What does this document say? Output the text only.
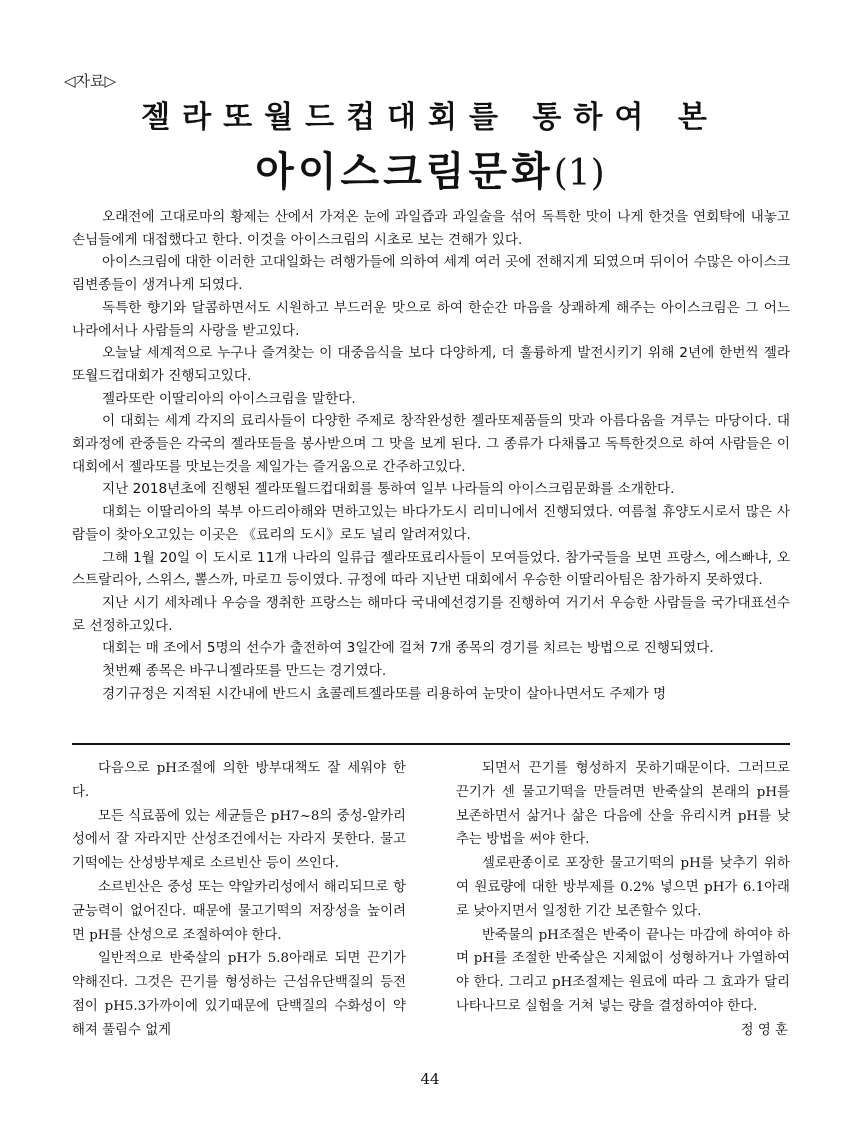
◁자료▷
젤라또월드컵대회를 통하여 본
아이스크림문화(1)

오래전에 고대로마의 황제는 산에서 가져온 눈에 과일즙과 과일술을 섞어 독특한 맛이 나게 한것을 연회탁에 내놓고 손님들에게 대접했다고 한다. 이것을 아이스크림의 시초로 보는 견해가 있다.

아이스크림에 대한 이러한 고대일화는 려행가들에 의하여 세계 여러 곳에 전해지게 되였으며 뒤이어 수많은 아이스크림변종들이 생겨나게 되였다.

독특한 향기와 달콤하면서도 시원하고 부드러운 맛으로 하여 한순간 마음을 상쾌하게 해주는 아이스크림은 그 어느 나라에서나 사람들의 사랑을 받고있다.

오늘날 세계적으로 누구나 즐겨찾는 이 대중음식을 보다 다양하게, 더 훌륭하게 발전시키기 위해 2년에 한번씩 젤라또월드컵대회가 진행되고있다.

젤라또란 이딸리아의 아이스크림을 말한다.

이 대회는 세계 각지의 료리사들이 다양한 주제로 창작완성한 젤라또제품들의 맛과 아름다움을 겨루는 마당이다. 대회과정에 관중들은 각국의 젤라또들을 봉사받으며 그 맛을 보게 된다. 그 종류가 다채롭고 독특한것으로 하여 사람들은 이 대회에서 젤라또를 맛보는것을 제일가는 즐거움으로 간주하고있다.

지난 2018년초에 진행된 젤라또월드컵대회를 통하여 일부 나라들의 아이스크림문화를 소개한다.

대회는 이딸리아의 북부 아드리아해와 면하고있는 바다가도시 리미니에서 진행되였다. 여름철 휴양도시로서 많은 사람들이 찾아오고있는 이곳은 《료리의 도시》로도 널리 알려져있다.

그해 1월 20일 이 도시로 11개 나라의 일류급 젤라또료리사들이 모여들었다. 참가국들을 보면 프랑스, 에스빠냐, 오스트랄리아, 스위스, 뽈스까, 마로끄 등이였다. 규정에 따라 지난번 대회에서 우승한 이딸리아팀은 참가하지 못하였다.

지난 시기 세차례나 우승을 쟁취한 프랑스는 해마다 국내예선경기를 진행하여 거기서 우승한 사람들을 국가대표선수로 선정하고있다.

대회는 매 조에서 5명의 선수가 출전하여 3일간에 걸쳐 7개 종목의 경기를 치르는 방법으로 진행되였다.

첫번째 종목은 바구니젤라또를 만드는 경기였다.

경기규정은 지적된 시간내에 반드시 쵸콜레트젤라또를 리용하여 눈맛이 살아나면서도 주제가 명

다음으로 pH조절에 의한 방부대책도 잘 세워야 한다.

모든 식료품에 있는 세균들은 pH7~8의 중성-알카리성에서 잘 자라지만 산성조건에서는 자라지 못한다. 물고기떡에는 산성방부제로 소르빈산 등이 쓰인다.

소르빈산은 중성 또는 약알카리성에서 해리되므로 항균능력이 없어진다. 때문에 물고기떡의 저장성을 높이려면 pH를 산성으로 조절하여야 한다.

일반적으로 반죽살의 pH가 5.8아래로 되면 끈기가 약해진다. 그것은 끈기를 형성하는 근섬유단백질의 등전점이 pH5.3가까이에 있기때문에 단백질의 수화성이 약해져 풀림수 없게

되면서 끈기를 형성하지 못하기때문이다. 그러므로 끈기가 센 물고기떡을 만들려면 반죽살의 본래의 pH를 보존하면서 삶거나 삶은 다음에 산을 유리시켜 pH를 낮추는 방법을 써야 한다.

셀로판종이로 포장한 물고기떡의 pH를 낮추기 위하여 원료량에 대한 방부제를 0.2% 넣으면 pH가 6.1아래로 낮아지면서 일정한 기간 보존할수 있다.

반죽물의 pH조절은 반죽이 끝나는 마감에 하여야 하며 pH를 조절한 반죽살은 지체없이 성형하거나 가열하여야 한다. 그리고 pH조절제는 원료에 따라 그 효과가 달리 나타나므로 실험을 거쳐 넣는 량을 결정하여야 한다.

정 영 훈

44
